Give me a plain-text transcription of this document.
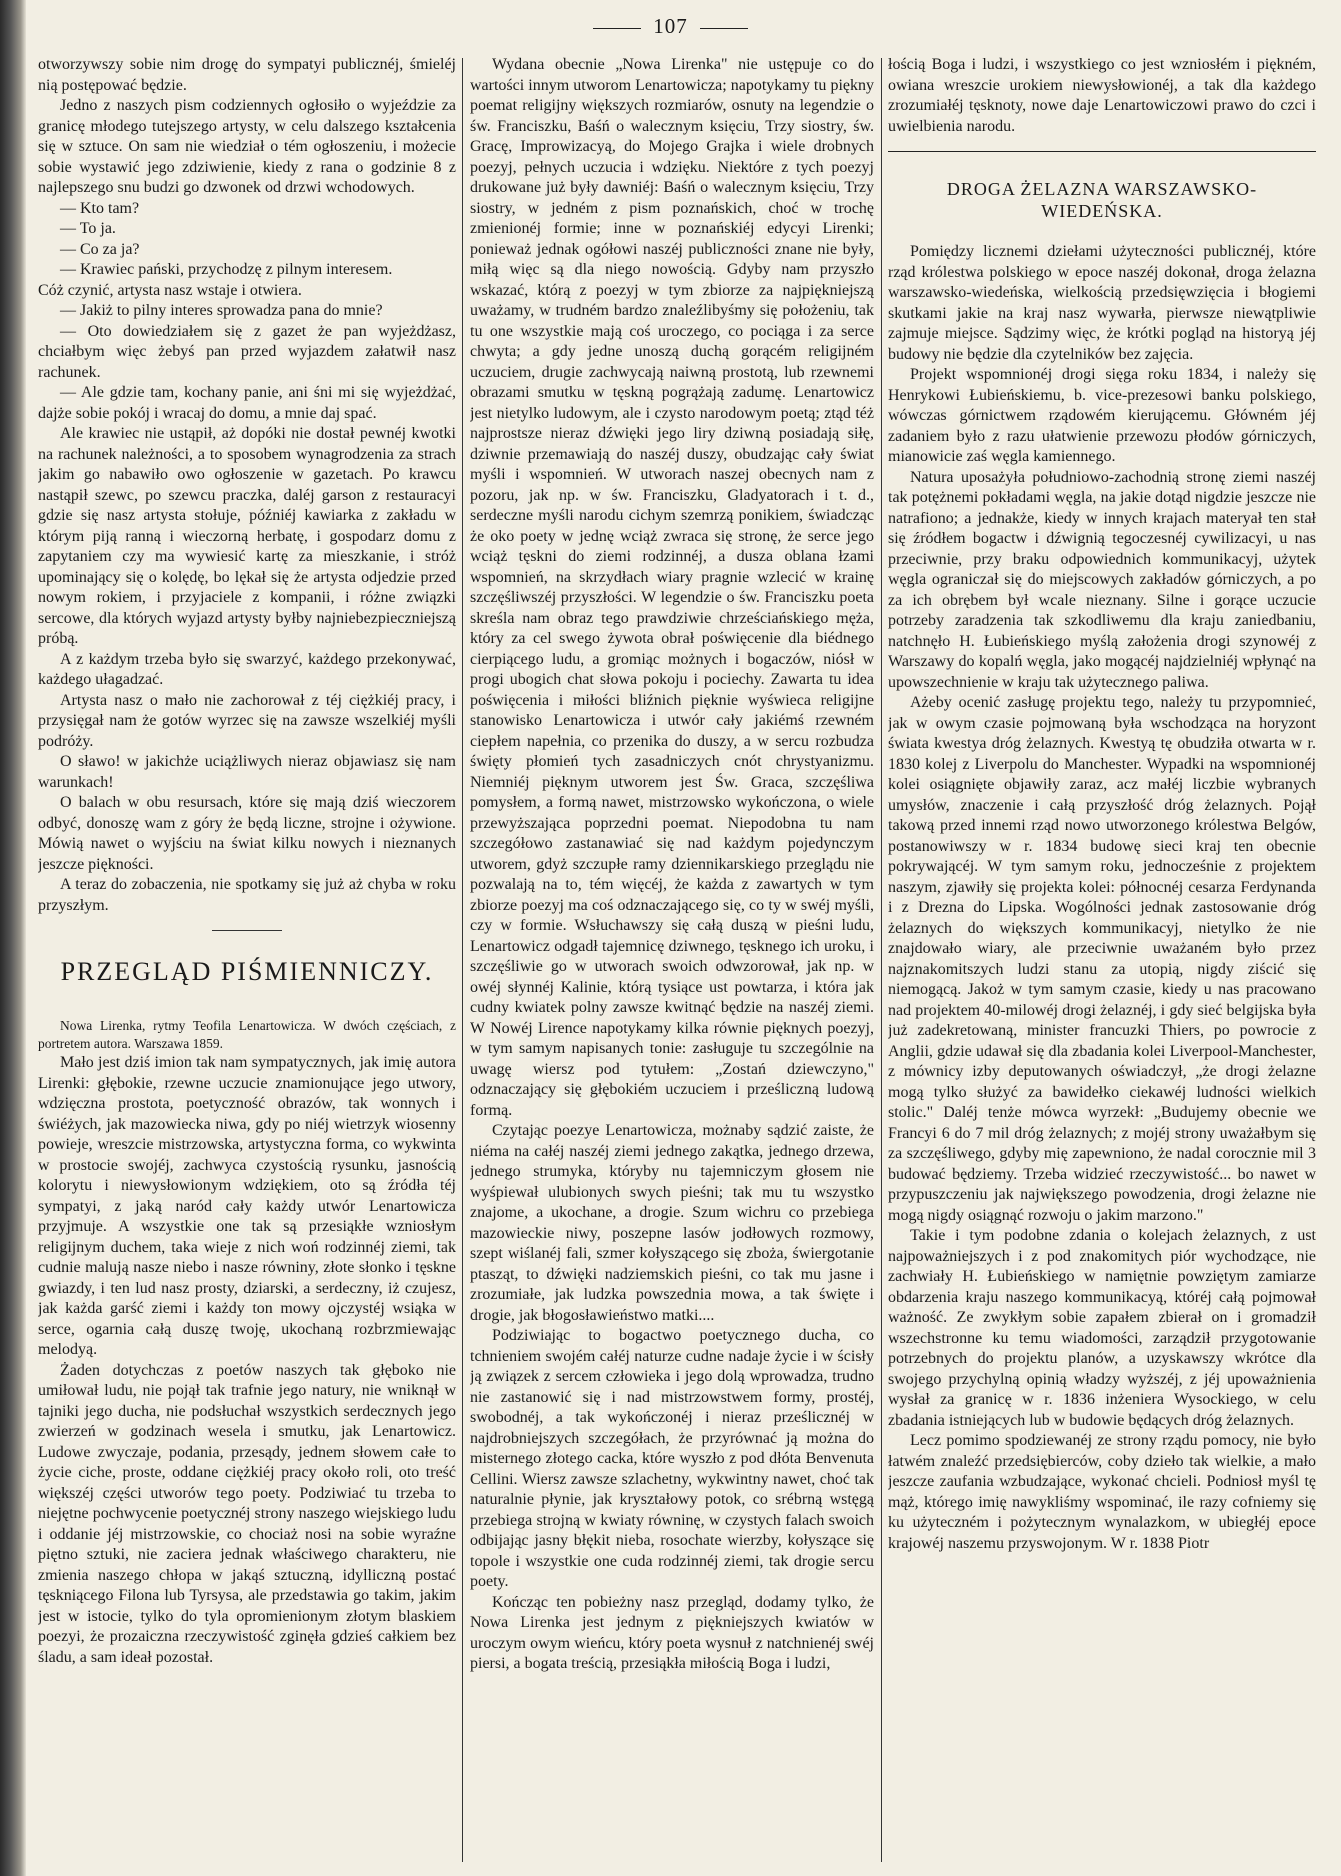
107

otworzywszy sobie nim drogę do sympatyi publicznéj, śmieléj nią postępować będzie.

Jedno z naszych pism codziennych ogłosiło o wyjeździe za granicę młodego tutejszego artysty, w celu dalszego kształcenia się w sztuce. On sam nie wiedział o tém ogłoszeniu, i możecie sobie wystawić jego zdziwienie, kiedy z rana o godzinie 8 z najlepszego snu budzi go dzwonek od drzwi wchodowych.

— Kto tam?

— To ja.

— Co za ja?

— Krawiec pański, przychodzę z pilnym interesem.

Cóż czynić, artysta nasz wstaje i otwiera.

— Jakiż to pilny interes sprowadza pana do mnie?

— Oto dowiedziałem się z gazet że pan wyjeżdżasz, chciałbym więc żebyś pan przed wyjazdem załatwił nasz rachunek.

— Ale gdzie tam, kochany panie, ani śni mi się wyjeżdżać, dajże sobie pokój i wracaj do domu, a mnie daj spać.

Ale krawiec nie ustąpił, aż dopóki nie dostał pewnéj kwotki na rachunek należności, a to sposobem wynagrodzenia za strach jakim go nabawiło owo ogłoszenie w gazetach. Po krawcu nastąpił szewc, po szewcu praczka, daléj garson z restauracyi gdzie się nasz artysta stołuje, późniéj kawiarka z zakładu w którym piją ranną i wieczorną herbatę, i gospodarz domu z zapytaniem czy ma wywiesić kartę za mieszkanie, i stróż upominający się o kolędę, bo lękał się że artysta odjedzie przed nowym rokiem, i przyjaciele z kompanii, i różne związki sercowe, dla których wyjazd artysty byłby najniebezpieczniejszą próbą.

A z każdym trzeba było się swarzyć, każdego przekonywać, każdego ułagadzać.

Artysta nasz o mało nie zachorował z téj ciężkiéj pracy, i przysięgał nam że gotów wyrzec się na zawsze wszelkiéj myśli podróży.

O sławo! w jakichże uciążliwych nieraz objawiasz się nam warunkach!

O balach w obu resursach, które się mają dziś wieczorem odbyć, donoszę wam z góry że będą liczne, strojne i ożywione. Mówią nawet o wyjściu na świat kilku nowych i nieznanych jeszcze piękności.

A teraz do zobaczenia, nie spotkamy się już aż chyba w roku przyszłym.

PRZEGLĄD PIŚMIENNICZY.

Nowa Lirenka, rytmy Teofila Lenartowicza. W dwóch częściach, z portretem autora. Warszawa 1859.

Mało jest dziś imion tak nam sympatycznych, jak imię autora Lirenki: głębokie, rzewne uczucie znamionujące jego utwory, wdzięczna prostota, poetyczność obrazów, tak wonnych i świéżych, jak mazowiecka niwa, gdy po niéj wietrzyk wiosenny powieje, wreszcie mistrzowska, artystyczna forma, co wykwinta w prostocie swojéj, zachwyca czystością rysunku, jasnością kolorytu i niewysłowionym wdziękiem, oto są źródła téj sympatyi, z jaką naród cały każdy utwór Lenartowicza przyjmuje. A wszystkie one tak są przesiąkłe wzniosłym religijnym duchem, taka wieje z nich woń rodzinnéj ziemi, tak cudnie malują nasze niebo i nasze równiny, złote słonko i tęskne gwiazdy, i ten lud nasz prosty, dziarski, a serdeczny, iż czujesz, jak każda garść ziemi i każdy ton mowy ojczystéj wsiąka w serce, ogarnia całą duszę twoję, ukochaną rozbrzmiewając melodyą.

Żaden dotychczas z poetów naszych tak głęboko nie umiłował ludu, nie pojął tak trafnie jego natury, nie wniknął w tajniki jego ducha, nie podsłuchał wszystkich serdecznych jego zwierzeń w godzinach wesela i smutku, jak Lenartowicz. Ludowe zwyczaje, podania, przesądy, jednem słowem całe to życie ciche, proste, oddane ciężkiéj pracy około roli, oto treść większéj części utworów tego poety. Podziwiać tu trzeba to niejętne pochwycenie poetycznéj strony naszego wiejskiego ludu i oddanie jéj mistrzowskie, co chociaż nosi na sobie wyraźne piętno sztuki, nie zaciera jednak właściwego charakteru, nie zmienia naszego chłopa w jakąś sztuczną, idylliczną postać tęskniącego Filona lub Tyrsysa, ale przedstawia go takim, jakim jest w istocie, tylko do tyla opromienionym złotym blaskiem poezyi, że prozaiczna rzeczywistość zginęła gdzieś całkiem bez śladu, a sam ideał pozostał.

Wydana obecnie „Nowa Lirenka" nie ustępuje co do wartości innym utworom Lenartowicza; napotykamy tu piękny poemat religijny większych rozmiarów, osnuty na legendzie o św. Franciszku, Baśń o walecznym księciu, Trzy siostry, św. Gracę, Improwizacyą, do Mojego Grajka i wiele drobnych poezyj, pełnych uczucia i wdzięku. Niektóre z tych poezyj drukowane już były dawniéj: Baśń o walecznym księciu, Trzy siostry, w jedném z pism poznańskich, choć w trochę zmienionéj formie; inne w poznańskiéj edycyi Lirenki; ponieważ jednak ogółowi naszéj publiczności znane nie były, miłą więc są dla niego nowością. Gdyby nam przyszło wskazać, którą z poezyj w tym zbiorze za najpiękniejszą uważamy, w trudném bardzo znaleźlibyśmy się położeniu, tak tu one wszystkie mają coś uroczego, co pociąga i za serce chwyta; a gdy jedne unoszą duchą gorącém religijném uczuciem, drugie zachwycają naiwną prostotą, lub rzewnemi obrazami smutku w tęskną pogrążają zadumę. Lenartowicz jest nietylko ludowym, ale i czysto narodowym poetą; ztąd téż najprostsze nieraz dźwięki jego liry dziwną posiadają siłę, dziwnie przemawiają do naszéj duszy, obudzając cały świat myśli i wspomnień. W utworach naszej obecnych nam z pozoru, jak np. w św. Franciszku, Gladyatorach i t. d., serdeczne myśli narodu cichym szemrzą ponikiem, świadcząc że oko poety w jednę wciąż zwraca się stronę, że serce jego wciąż tęskni do ziemi rodzinnéj, a dusza oblana łzami wspomnień, na skrzydłach wiary pragnie wzlecić w krainę szczęśliwszéj przyszłości. W legendzie o św. Franciszku poeta skreśla nam obraz tego prawdziwie chrześciańskiego męża, który za cel swego żywota obrał poświęcenie dla biédnego cierpiącego ludu, a gromiąc możnych i bogaczów, niósł w progi ubogich chat słowa pokoju i pociechy. Zawarta tu idea poświęcenia i miłości bliźnich pięknie wyświeca religijne stanowisko Lenartowicza i utwór cały jakiémś rzewném ciepłem napełnia, co przenika do duszy, a w sercu rozbudza święty płomień tych zasadniczych cnót chrystyanizmu. Niemniéj pięknym utworem jest Św. Graca, szczęśliwa pomysłem, a formą nawet, mistrzowsko wykończona, o wiele przewyższająca poprzedni poemat. Niepodobna tu nam szczegółowo zastanawiać się nad każdym pojedynczym utworem, gdyż szczupłe ramy dziennikarskiego przeglądu nie pozwalają na to, tém więcéj, że każda z zawartych w tym zbiorze poezyj ma coś odznaczającego się, co ty w swéj myśli, czy w formie. Wsłuchawszy się całą duszą w pieśni ludu, Lenartowicz odgadł tajemnicę dziwnego, tęsknego ich uroku, i szczęśliwie go w utworach swoich odwzorował, jak np. w owéj słynnéj Kalinie, którą tysiące ust powtarza, i która jak cudny kwiatek polny zawsze kwitnąć będzie na naszéj ziemi. W Nowéj Lirence napotykamy kilka równie pięknych poezyj, w tym samym napisanych tonie: zasługuje tu szczególnie na uwagę wiersz pod tytułem: „Zostań dziewczyno," odznaczający się głębokiém uczuciem i prześliczną ludową formą.

Czytając poezye Lenartowicza, możnaby sądzić zaiste, że niéma na całéj naszéj ziemi jednego zakątka, jednego drzewa, jednego strumyka, któryby nu tajemniczym głosem nie wyśpiewał ulubionych swych pieśni; tak mu tu wszystko znajome, a ukochane, a drogie. Szum wichru co przebiega mazowieckie niwy, poszepne lasów jodłowych rozmowy, szept wiślanéj fali, szmer kołyszącego się zboża, świergotanie ptasząt, to dźwięki nadziemskich pieśni, co tak mu jasne i zrozumiałe, jak ludzka powszednia mowa, a tak święte i drogie, jak błogosławieństwo matki....

Podziwiając to bogactwo poetycznego ducha, co tchnieniem swojém całéj naturze cudne nadaje życie i w ścisły ją związek z sercem człowieka i jego dolą wprowadza, trudno nie zastanowić się i nad mistrzowstwem formy, prostéj, swobodnéj, a tak wykończonéj i nieraz prześlicznéj w najdrobniejszych szczegółach, że przyrównać ją można do misternego złotego cacka, które wyszło z pod dłóta Benvenuta Cellini. Wiersz zawsze szlachetny, wykwintny nawet, choć tak naturalnie płynie, jak kryształowy potok, co srébrną wstęgą przebiega strojną w kwiaty równinę, w czystych falach swoich odbijając jasny błękit nieba, rosochate wierzby, kołyszące się topole i wszystkie one cuda rodzinnéj ziemi, tak drogie sercu poety.

Kończąc ten pobieżny nasz przegląd, dodamy tylko, że Nowa Lirenka jest jednym z piękniejszych kwiatów w uroczym owym wieńcu, który poeta wysnuł z natchnienéj swéj piersi, a bogata treścią, przesiąkła miłością Boga i ludzi,

łością Boga i ludzi, i wszystkiego co jest wzniosłém i piękném, owiana wreszcie urokiem niewysłowionéj, a tak dla każdego zrozumiałéj tęsknoty, nowe daje Lenartowiczowi prawo do czci i uwielbienia narodu.

DROGA ŻELAZNA WARSZAWSKO-WIEDEŃSKA.

Pomiędzy licznemi dziełami użyteczności publicznéj, które rząd królestwa polskiego w epoce naszéj dokonał, droga żelazna warszawsko-wiedeńska, wielkością przedsięwzięcia i błogiemi skutkami jakie na kraj nasz wywarła, pierwsze niewątpliwie zajmuje miejsce. Sądzimy więc, że krótki pogląd na historyą jéj budowy nie będzie dla czytelników bez zajęcia.

Projekt wspomnionéj drogi sięga roku 1834, i należy się Henrykowi Łubieńskiemu, b. vice-prezesowi banku polskiego, wówczas górnictwem rządowém kierującemu. Główném jéj zadaniem było z razu ułatwienie przewozu płodów górniczych, mianowicie zaś węgla kamiennego.

Natura uposażyła południowo-zachodnią stronę ziemi naszéj tak potężnemi pokładami węgla, na jakie dotąd nigdzie jeszcze nie natrafiono; a jednakże, kiedy w innych krajach materyał ten stał się źródłem bogactw i dźwignią tegoczesnéj cywilizacyi, u nas przeciwnie, przy braku odpowiednich kommunikacyj, użytek węgla ograniczał się do miejscowych zakładów górniczych, a po za ich obrębem był wcale nieznany. Silne i gorące uczucie potrzeby zaradzenia tak szkodliwemu dla kraju zaniedbaniu, natchnęło H. Łubieńskiego myślą założenia drogi szynowéj z Warszawy do kopalń węgla, jako mogącéj najdzielniéj wpłynąć na upowszechnienie w kraju tak użytecznego paliwa.

Ażeby ocenić zasługę projektu tego, należy tu przypomnieć, jak w owym czasie pojmowaną była wschodząca na horyzont świata kwestya dróg żelaznych. Kwestyą tę obudziła otwarta w r. 1830 kolej z Liverpolu do Manchester. Wypadki na wspomnionéj kolei osiągnięte objawiły zaraz, acz małéj liczbie wybranych umysłów, znaczenie i całą przyszłość dróg żelaznych. Pojął takową przed innemi rząd nowo utworzonego królestwa Belgów, postanowiwszy w r. 1834 budowę sieci kraj ten obecnie pokrywającéj. W tym samym roku, jednocześnie z projektem naszym, zjawiły się projekta kolei: północnéj cesarza Ferdynanda i z Drezna do Lipska. Wogólności jednak zastosowanie dróg żelaznych do większych kommunikacyj, nietylko że nie znajdowało wiary, ale przeciwnie uważaném było przez najznakomitszych ludzi stanu za utopią, nigdy ziścić się niemogącą. Jakoż w tym samym czasie, kiedy u nas pracowano nad projektem 40-milowéj drogi żelaznéj, i gdy sieć belgijska była już zadekretowaną, minister francuzki Thiers, po powrocie z Anglii, gdzie udawał się dla zbadania kolei Liverpool-Manchester, z mównicy izby deputowanych oświadczył, „że drogi żelazne mogą tylko służyć za bawidełko ciekawéj ludności wielkich stolic." Daléj tenże mówca wyrzekł: „Budujemy obecnie we Francyi 6 do 7 mil dróg żelaznych; z mojéj strony uważałbym się za szczęśliwego, gdyby mię zapewniono, że nadal corocznie mil 3 budować będziemy. Trzeba widzieć rzeczywistość... bo nawet w przypuszczeniu jak największego powodzenia, drogi żelazne nie mogą nigdy osiągnąć rozwoju o jakim marzono."

Takie i tym podobne zdania o kolejach żelaznych, z ust najpoważniejszych i z pod znakomitych piór wychodzące, nie zachwiały H. Łubieńskiego w namiętnie powziętym zamiarze obdarzenia kraju naszego kommunikacyą, któréj całą pojmował ważność. Ze zwykłym sobie zapałem zbierał on i gromadził wszechstronne ku temu wiadomości, zarządził przygotowanie potrzebnych do projektu planów, a uzyskawszy wkrótce dla swojego przychylną opinią władzy wyższéj, z jéj upoważnienia wysłał za granicę w r. 1836 inżeniera Wysockiego, w celu zbadania istniejących lub w budowie będących dróg żelaznych.

Lecz pomimo spodziewanéj ze strony rządu pomocy, nie było łatwém znaleźć przedsiębierców, coby dzieło tak wielkie, a mało jeszcze zaufania wzbudzające, wykonać chcieli. Podniosł myśl tę mąż, którego imię nawykliśmy wspominać, ile razy cofniemy się ku użyteczném i pożytecznym wynalazkom, w ubiegłéj epoce krajowéj naszemu przyswojonym. W r. 1838 Piotr
